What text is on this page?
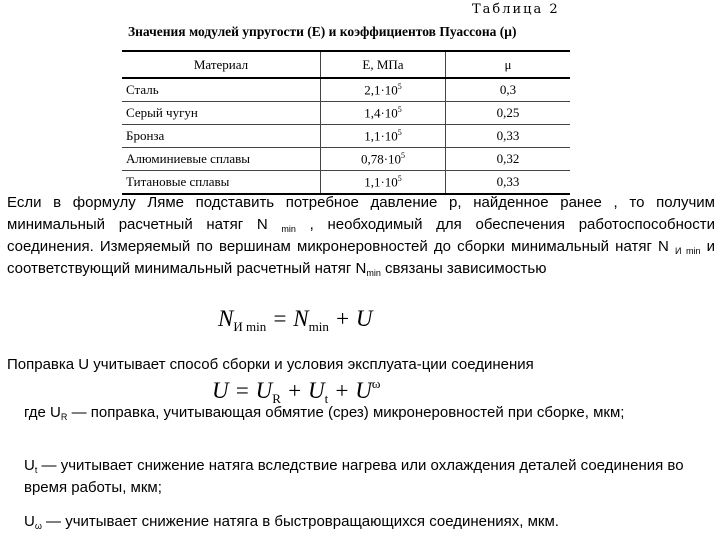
Таблица 2
Значения модулей упругости (E) и коэффициентов Пуассона (μ)
Материал	E, МПа	μ
Сталь	$2,1\cdot 10^5$	0,3
Серый чугун	$1,4\cdot 10^5$	0,25
Бронза	$1,1\cdot 10^5$	0,33
Алюминиевые сплавы	$0,78\cdot 10^5$	0,32
Титановые сплавы	$1,1\cdot 10^5$	0,33
Если в формулу Ляме подставить потребное давление p, найденное ранее , то получим минимальный расчетный натяг N $_{min}$ , необходимый для обеспечения работоспособности соединения. Измеряемый по вершинам микронеровностей до сборки минимальный натяг N $_{И min}$ и соответствующий минимальный расчетный натяг $N_{min}$ связаны зависимостью
$N_{И min} = N_{min} + U$
Поправка U учитывает способ сборки и условия эксплуата-ции соединения
$U = U_R + U_t + U_\omega$
где $U_R$ — поправка, учитывающая обмятие (срез) микронеровностей при сборке, мкм;
$U_t$ — учитывает снижение натяга вследствие нагрева или охлаждения деталей соединения во время работы, мкм;
$U_\omega$ — учитывает снижение натяга в быстровращающихся соединениях, мкм.
